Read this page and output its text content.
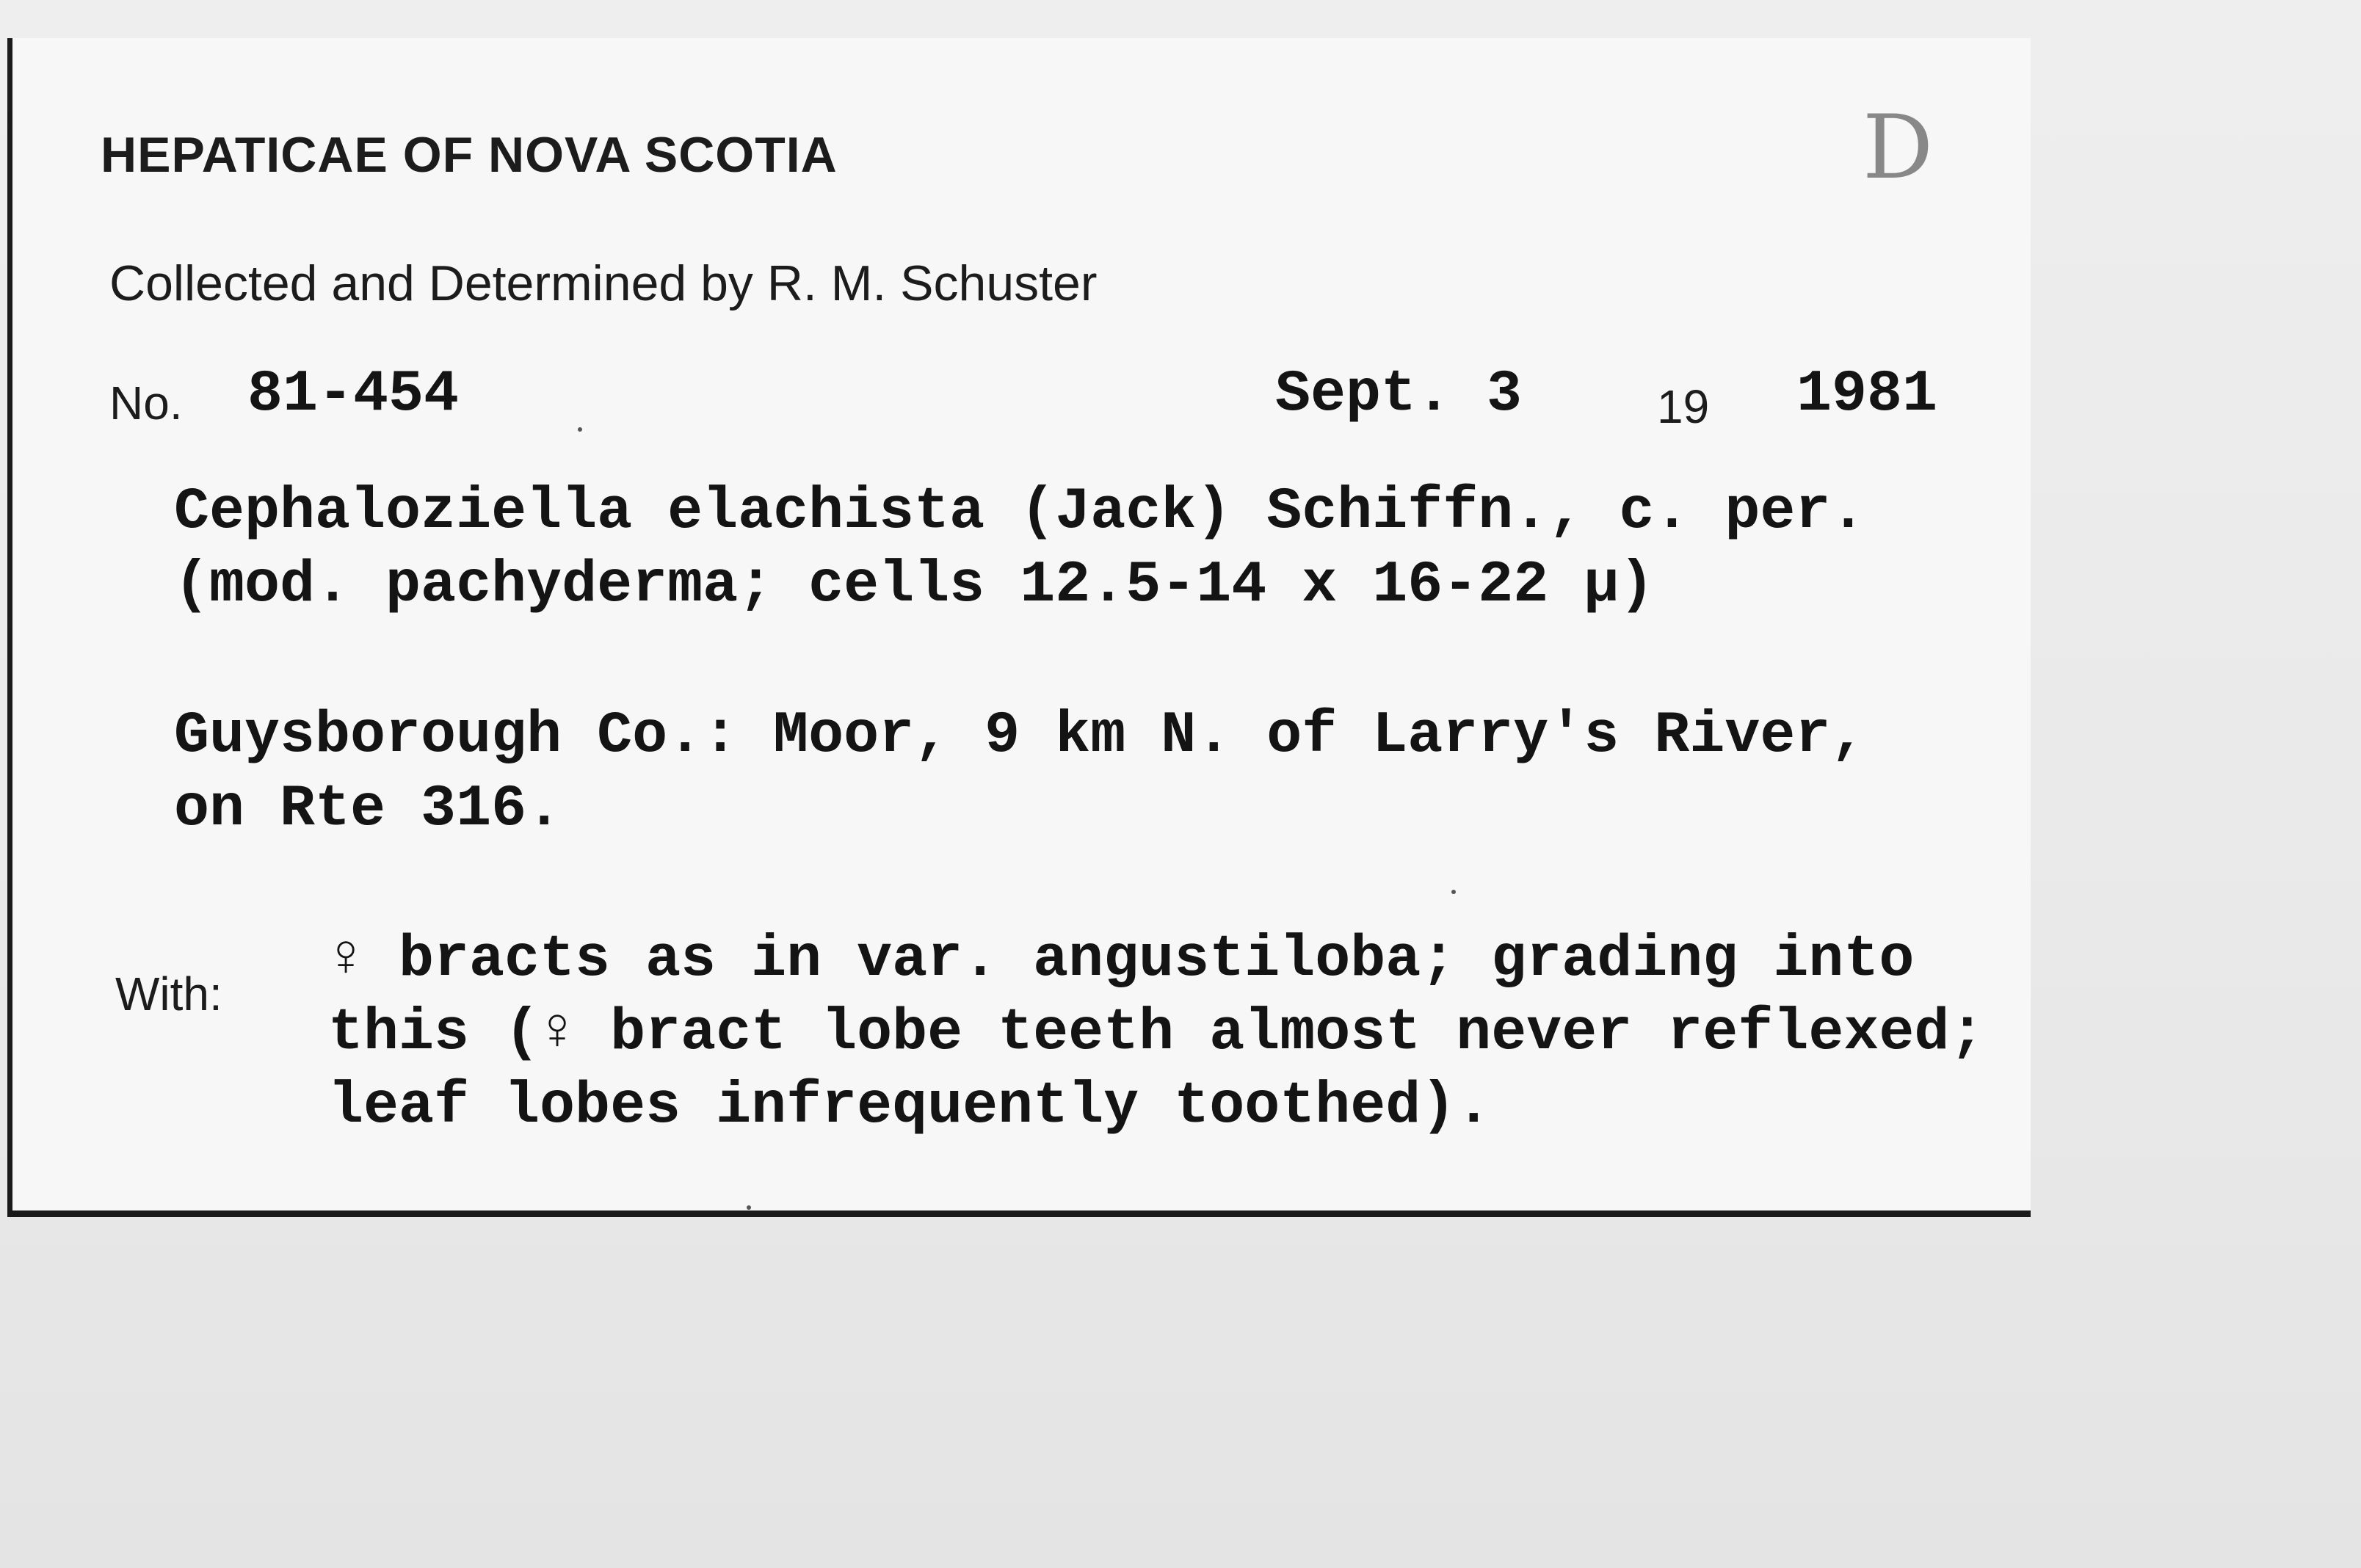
HEPATICAE OF NOVA SCOTIA	D
Collected and Determined by R. M. Schuster
No. 81-454	Sept. 3	19 1981
Cephaloziella elachista (Jack) Schiffn., c. per.
(mod. pachyderma; cells 12.5-14 x 16-22 μ)
Guysborough Co.: Moor, 9 km N. of Larry's River,
on Rte 316.
With:
♀ bracts as in var. angustiloba; grading into
this (♀ bract lobe teeth almost never reflexed;
leaf lobes infrequently toothed).
